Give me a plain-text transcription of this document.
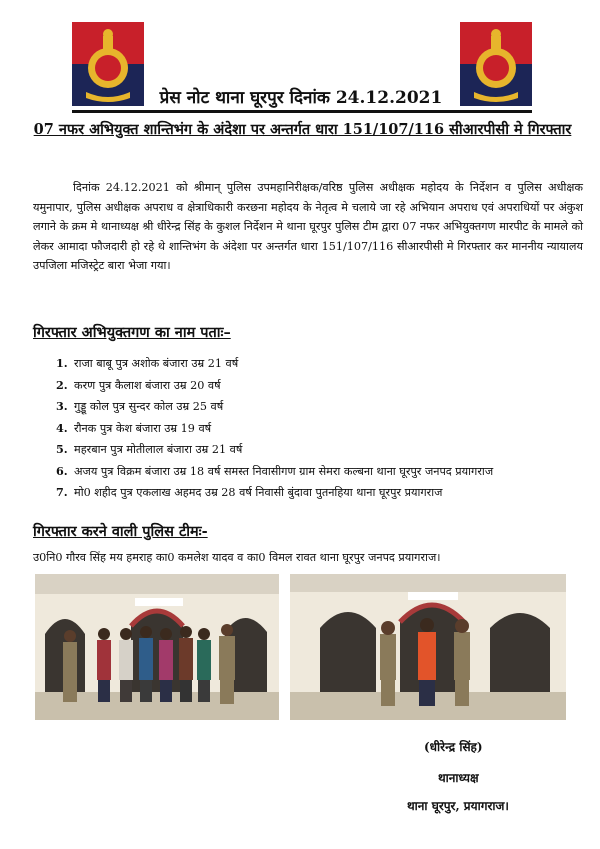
प्रेस नोट थाना घूरपुर दिनांक 24.12.2021
07 नफर अभियुक्त शान्तिभंग के अंदेशा पर अन्तर्गत धारा 151/107/116 सीआरपीसी मे गिरफ्तार
दिनांक 24.12.2021 को श्रीमान् पुलिस उपमहानिरीक्षक/वरिष्ठ पुलिस अधीक्षक महोदय के निर्देशन व पुलिस अधीक्षक यमुनापार, पुलिस अधीक्षक अपराध व क्षेत्राधिकारी करछना महोदय के नेतृत्व मे चलाये जा रहे अभियान अपराध एवं अपराधियों पर अंकुश लगाने के क्रम मे थानाध्यक्ष श्री धीरेन्द्र सिंह के कुशल निर्देशन मे थाना घूरपुर पुलिस टीम द्वारा 07 नफर अभियुक्तगण मारपीट के मामले को लेकर आमादा फौजदारी हो रहे थे शान्तिभंग के अंदेशा पर अन्तर्गत धारा 151/107/116 सीआरपीसी मे गिरफ्तार कर माननीय न्यायालय उपजिला मजिस्ट्रेट बारा भेजा गया।
गिरफ्तार अभियुक्तगण का नाम पताः–
1. राजा बाबू पुत्र अशोक बंजारा उम्र 21 वर्ष
2. करण पुत्र कैलाश बंजारा उम्र 20 वर्ष
3. गुड्डू कोल पुत्र सुन्दर कोल उम्र 25 वर्ष
4. रौनक पुत्र केश बंजारा उम्र 19 वर्ष
5. महरबान पुत्र मोतीलाल बंजारा उम्र 21 वर्ष
6. अजय पुत्र विक्रम बंजारा उम्र 18 वर्ष समस्त निवासीगण ग्राम सेमरा कल्बना थाना घूरपुर जनपद प्रयागराज
7. मो0 शहीद पुत्र एकलाख अहमद उम्र 28 वर्ष निवासी बुंदावा पुतनहिया थाना घूरपुर प्रयागराज
गिरफ्तार करने वाली पुलिस टीमः-
उ0नि0 गौरव सिंह मय हमराह का0 कमलेश यादव व का0 विमल रावत थाना घूरपुर जनपद प्रयागराज।
(धीरेन्द्र सिंह)
थानाध्यक्ष
थाना घूरपुर, प्रयागराज।
